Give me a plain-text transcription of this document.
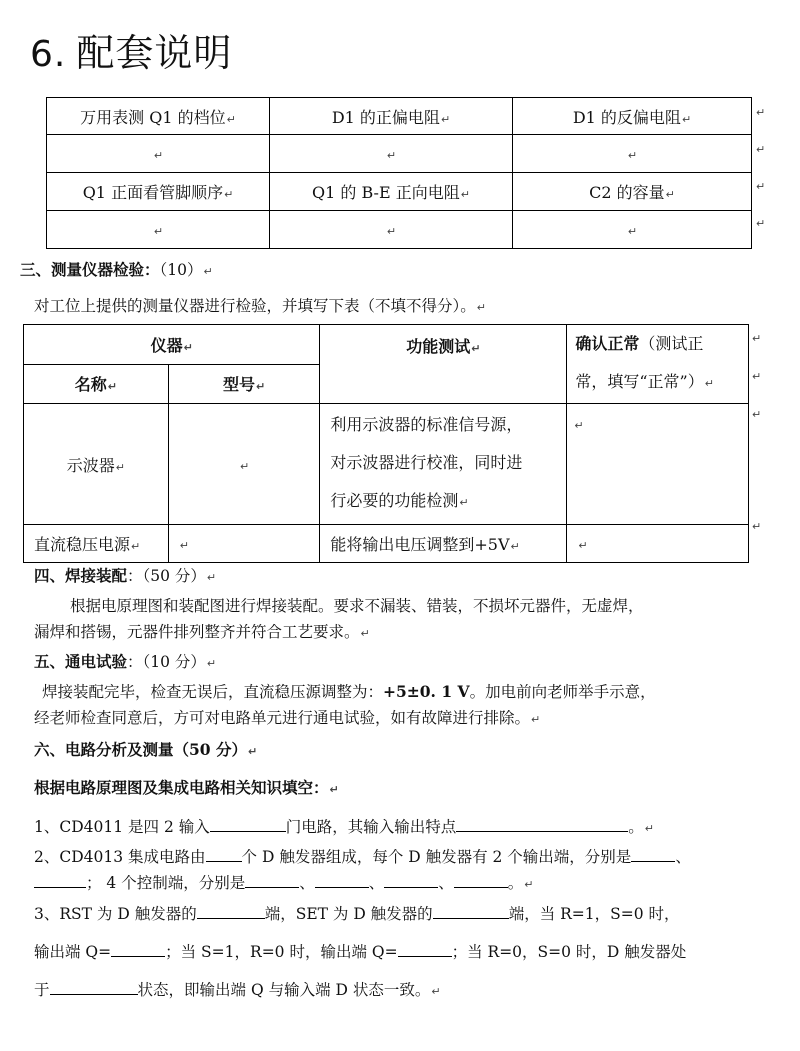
6. 配套说明
万用表测 Q1 的档位↵	D1 的正偏电阻↵	D1 的反偏电阻↵
↵	↵	↵
Q1 正面看管脚顺序↵	Q1 的 B-E 正向电阻↵	C2 的容量↵
↵	↵	↵
↵
↵
↵
↵
三、测量仪器检验：（10）↵
对工位上提供的测量仪器进行检验，并填写下表（不填不得分）。↵
仪器↵		功能测试↵	确认正常（测试正
常，填写“正常”）↵
名称↵	型号↵		
示波器↵	↵	利用示波器的标准信号源，
对示波器进行校准，同时进
行必要的功能检测↵	↵
直流稳压电源↵	↵	能将输出电压调整到+5V↵	↵
↵
↵
↵
↵
四、焊接装配：（50 分）↵
根据电原理图和装配图进行焊接装配。要求不漏装、错装，不损坏元器件，无虚焊，
漏焊和搭锡，元器件排列整齐并符合工艺要求。↵
五、通电试验：（10 分）↵
焊接装配完毕，检查无误后，直流稳压源调整为：+5±0. 1 V。加电前向老师举手示意，
经老师检查同意后，方可对电路单元进行通电试验，如有故障进行排除。↵
六、电路分析及测量（50 分）↵
根据电路原理图及集成电路相关知识填空：↵
1、CD4011 是四 2 输入	门电路，其输入输出特点	。↵
2、CD4013 集成电路由 个 D 触发器组成，每个 D 触发器有 2 个输出端，分别是	、
； 4 个控制端，分别是	、	、	、	。↵
3、RST 为 D 触发器的	端，SET 为 D 触发器的	端，当 R=1，S=0 时，
输出端 Q=	；当 S=1，R=0 时，输出端 Q=	；当 R=0，S=0 时，D 触发器处
于	状态，即输出端 Q 与输入端 D 状态一致。↵
